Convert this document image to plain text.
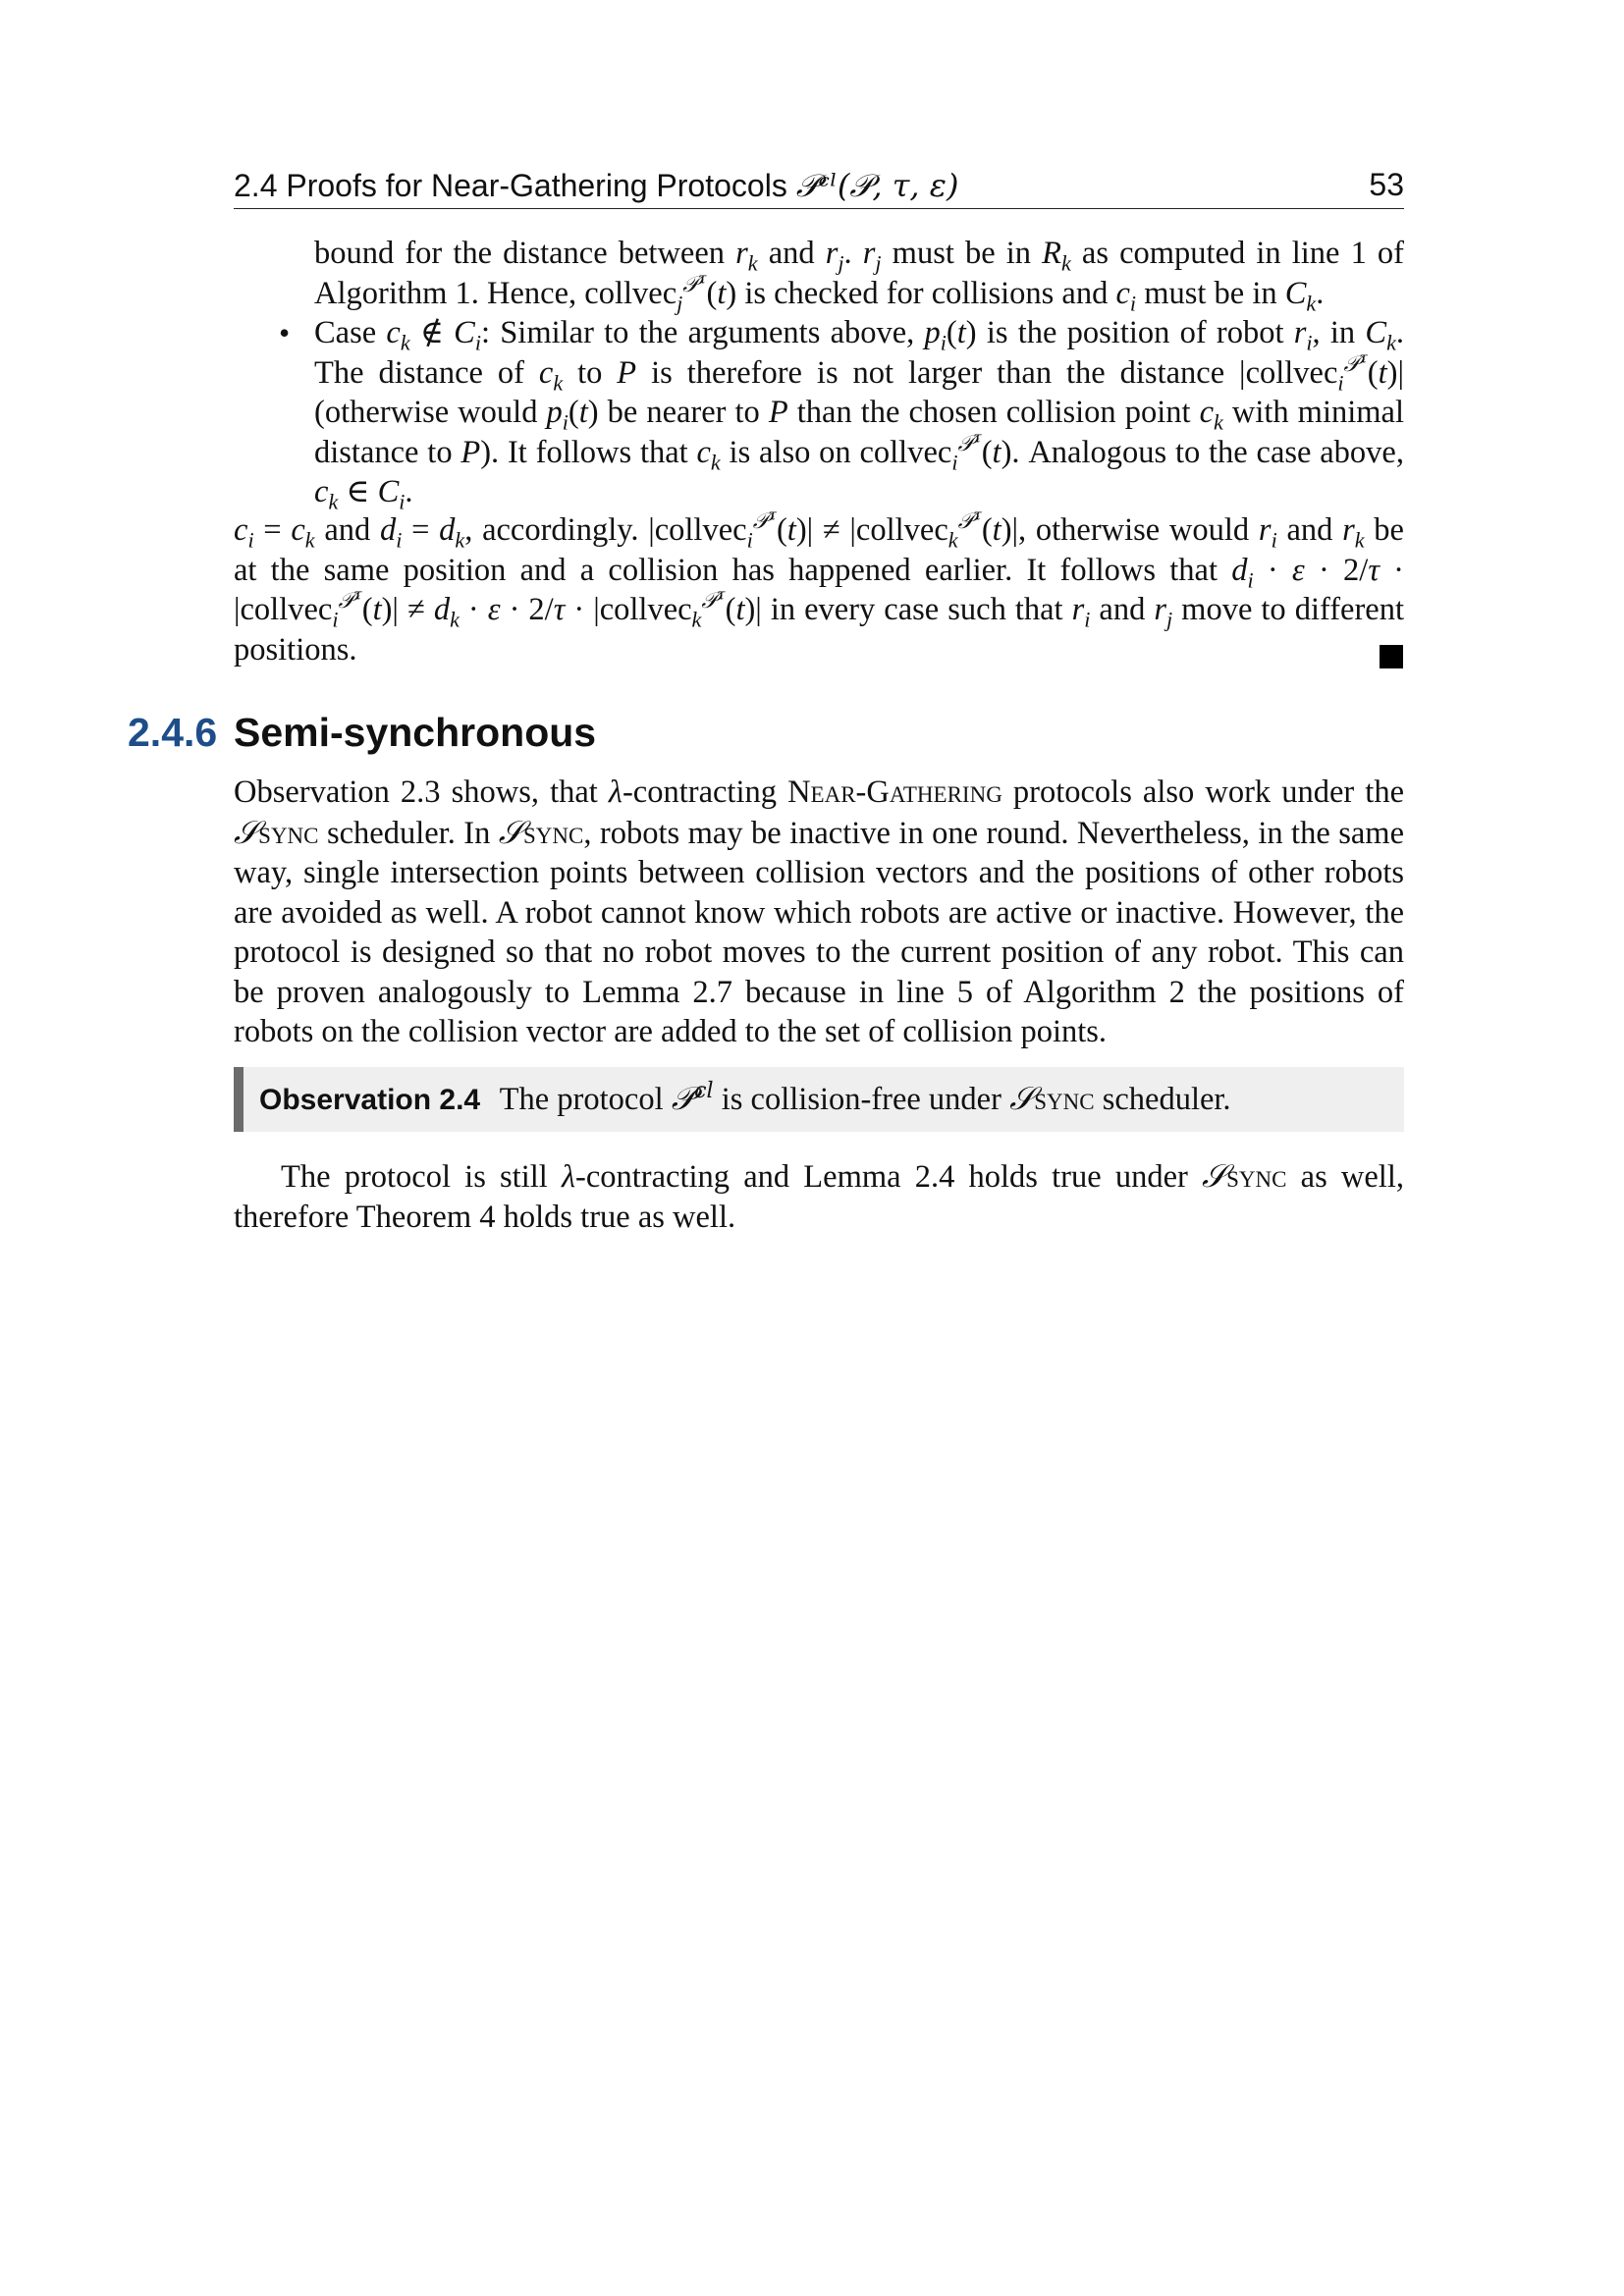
2.4 Proofs for Near-Gathering Protocols 𝒫ᶜˡ(𝒫, τ, ε)	53

bound for the distance between $r_k$ and $r_j$. $r_j$ must be in $R_k$ as computed in line 1 of Algorithm 1. Hence, collvec$_j^{𝒫^\tau}$(t) is checked for collisions and $c_i$ must be in $C_k$.

• Case $c_k$ ∉ $C_i$: Similar to the arguments above, $p_i(t)$ is the position of robot $r_i$, in $C_k$. The distance of $c_k$ to P is therefore is not larger than the distance |collvec$_i^{𝒫^\tau}$(t)| (otherwise would $p_i(t)$ be nearer to P than the chosen collision point $c_k$ with minimal distance to P). It follows that $c_k$ is also on collvec$_i^{𝒫^\tau}$(t). Analogous to the case above, $c_k$ ∈ $C_i$.

$c_i = c_k$ and $d_i = d_k$, accordingly. |collvec$_i^{𝒫^\tau}$(t)| ≠ |collvec$_k^{𝒫^\tau}$(t)|, otherwise would $r_i$ and $r_k$ be at the same position and a collision has happened earlier. It follows that $d_i \cdot \varepsilon \cdot 2/\tau$ · |collvec$_i^{𝒫^\tau}$(t)| ≠ $d_k \cdot \varepsilon \cdot 2/\tau$ · |collvec$_k^{𝒫^\tau}$(t)| in every case such that $r_i$ and $r_j$ move to different positions.

2.4.6 Semi-synchronous

Observation 2.3 shows, that λ-contracting Near-Gathering protocols also work under the 𝒮sync scheduler. In 𝒮sync, robots may be inactive in one round. Nevertheless, in the same way, single intersection points between collision vectors and the positions of other robots are avoided as well. A robot cannot know which robots are active or inactive. However, the protocol is designed so that no robot moves to the current position of any robot. This can be proven analogously to Lemma 2.7 because in line 5 of Algorithm 2 the positions of robots on the collision vector are added to the set of collision points.

Observation 2.4 The protocol 𝒫$^{cl}$ is collision-free under 𝒮sync scheduler.

The protocol is still λ-contracting and Lemma 2.4 holds true under 𝒮sync as well, therefore Theorem 4 holds true as well.
